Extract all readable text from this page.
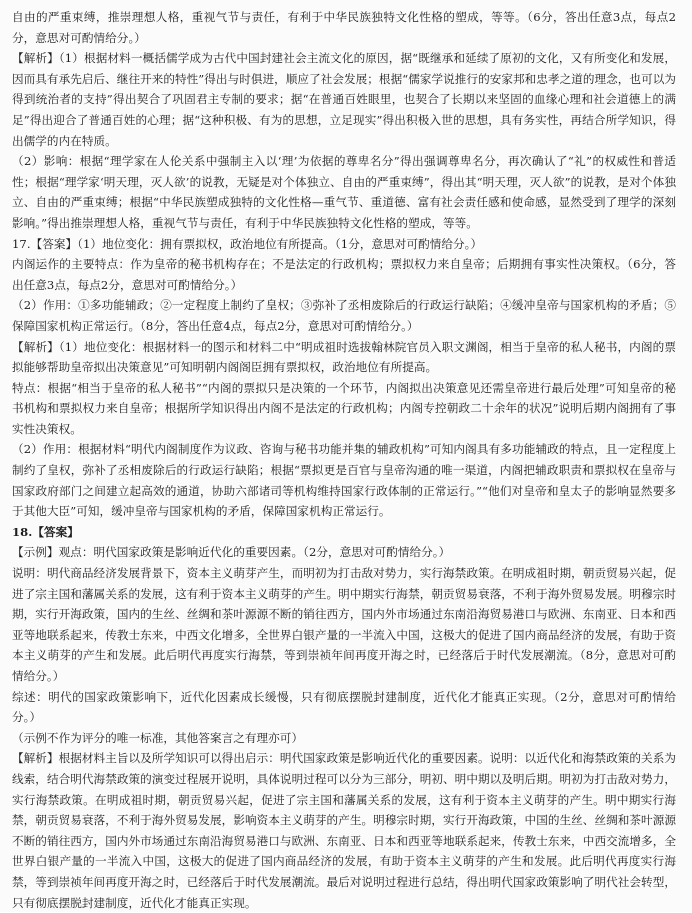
自由的严重束缚，推崇理想人格，重视气节与责任，有利于中华民族独特文化性格的塑成，等等。（6分，答出任意3点，每点2分，意思对可酌情给分。）

【解析】（1）根据材料一概括儒学成为古代中国封建社会主流文化的原因，据“既继承和延续了原初的文化，又有所变化和发展，因而具有承先启后、继往开来的特性”得出与时俱进，顺应了社会发展；根据“儒家学说推行的安家邦和忠孝之道的理念，也可以为得到统治者的支持”得出契合了巩固君主专制的要求；据“在普通百姓眼里，也契合了长期以来坚固的血缘心理和社会道德上的满足”得出迎合了普通百姓的心理；据“这种积极、有为的思想，立足现实”得出积极入世的思想，具有务实性，再结合所学知识，得出儒学的内在特质。

（2）影响：根据“理学家在人伦关系中强制主入以‘理’为依据的尊卑名分”得出强调尊卑名分，再次确认了“礼”的权威性和普适性；根据“理学家‘明天理，灭人欲’的说教，无疑是对个体独立、自由的严重束缚”，得出其“明天理，灭人欲”的说教，是对个体独立、自由的严重束缚；根据“中华民族塑成独特的文化性格—重气节、重道德、富有社会责任感和使命感，显然受到了理学的深刻影响。”得出推崇理想人格，重视气节与责任，有利于中华民族独特文化性格的塑成，等等。

17.【答案】（1）地位变化：拥有票拟权，政治地位有所提高。（1分，意思对可酌情给分。）

内阁运作的主要特点：作为皇帝的秘书机构存在；不是法定的行政机构；票拟权力来自皇帝；后期拥有事实性决策权。（6分，答出任意3点，每点2分，意思对可酌情给分。）

（2）作用：①多功能辅政；②一定程度上制约了皇权；③弥补了丞相废除后的行政运行缺陷；④缓冲皇帝与国家机构的矛盾；⑤保障国家机构正常运行。（8分，答出任意4点，每点2分，意思对可酌情给分。）

【解析】（1）地位变化：根据材料一的图示和材料二中“明成祖时选拔翰林院官员入职文渊阁，相当于皇帝的私人秘书，内阁的票拟能够帮助皇帝拟出决策意见”可知明朝内阁阁臣拥有票拟权，政治地位有所提高。

特点：根据“相当于皇帝的私人秘书”“内阁的票拟只是决策的一个环节，内阁拟出决策意见还需皇帝进行最后处理”可知皇帝的秘书机构和票拟权力来自皇帝；根据所学知识得出内阁不是法定的行政机构；内阁专控朝政二十余年的状况”说明后期内阁拥有了事实性决策权。

（2）作用：根据材料“明代内阁制度作为议政、咨询与秘书功能并集的辅政机构”可知内阁具有多功能辅政的特点，且一定程度上制约了皇权，弥补了丞相废除后的行政运行缺陷；根据“票拟更是百官与皇帝沟通的唯一渠道，内阁把辅政职责和票拟权在皇帝与国家政府部门之间建立起高效的通道，协助六部诸司等机构维持国家行政体制的正常运行。”“他们对皇帝和皇太子的影响显然要多于其他大臣”可知，缓冲皇帝与国家机构的矛盾，保障国家机构正常运行。

18.【答案】

【示例】观点：明代国家政策是影响近代化的重要因素。（2分，意思对可酌情给分。）

说明：明代商品经济发展背景下，资本主义萌芽产生，而明初为打击敌对势力，实行海禁政策。在明成祖时期，朝贡贸易兴起，促进了宗主国和藩属关系的发展，这有利于资本主义萌芽的产生。明中期实行海禁，朝贡贸易衰落，不利于海外贸易发展。明穆宗时期，实行开海政策，国内的生丝、丝绸和茶叶源源不断的销往西方，国内外市场通过东南沿海贸易港口与欧洲、东南亚、日本和西亚等地联系起来，传教士东来，中西文化增多，全世界白银产量的一半流入中国，这极大的促进了国内商品经济的发展，有助于资本主义萌芽的产生和发展。此后明代再度实行海禁，等到崇祯年间再度开海之时，已经落后于时代发展潮流。（8分，意思对可酌情给分。）

综述：明代的国家政策影响下，近代化因素成长缓慢，只有彻底摆脱封建制度，近代化才能真正实现。（2分，意思对可酌情给分。）

（示例不作为评分的唯一标准，其他答案言之有理亦可）

【解析】根据材料主旨以及所学知识可以得出启示：明代国家政策是影响近代化的重要因素。说明：以近代化和海禁政策的关系为线索，结合明代海禁政策的演变过程展开说明，具体说明过程可以分为三部分，明初、明中期以及明后期。明初为打击敌对势力，实行海禁政策。在明成祖时期，朝贡贸易兴起，促进了宗主国和藩属关系的发展，这有利于资本主义萌芽的产生。明中期实行海禁，朝贡贸易衰落，不利于海外贸易发展，影响资本主义萌芽的产生。明穆宗时期，实行开海政策，中国的生丝、丝绸和茶叶源源不断的销往西方，国内外市场通过东南沿海贸易港口与欧洲、东南亚、日本和西亚等地联系起来，传教士东来，中西交流增多，全世界白银产量的一半流入中国，这极大的促进了国内商品经济的发展，有助于资本主义萌芽的产生和发展。此后明代再度实行海禁，等到崇祯年间再度开海之时，已经落后于时代发展潮流。最后对说明过程进行总结，得出明代国家政策影响了明代社会转型，只有彻底摆脱封建制度，近代化才能真正实现。
